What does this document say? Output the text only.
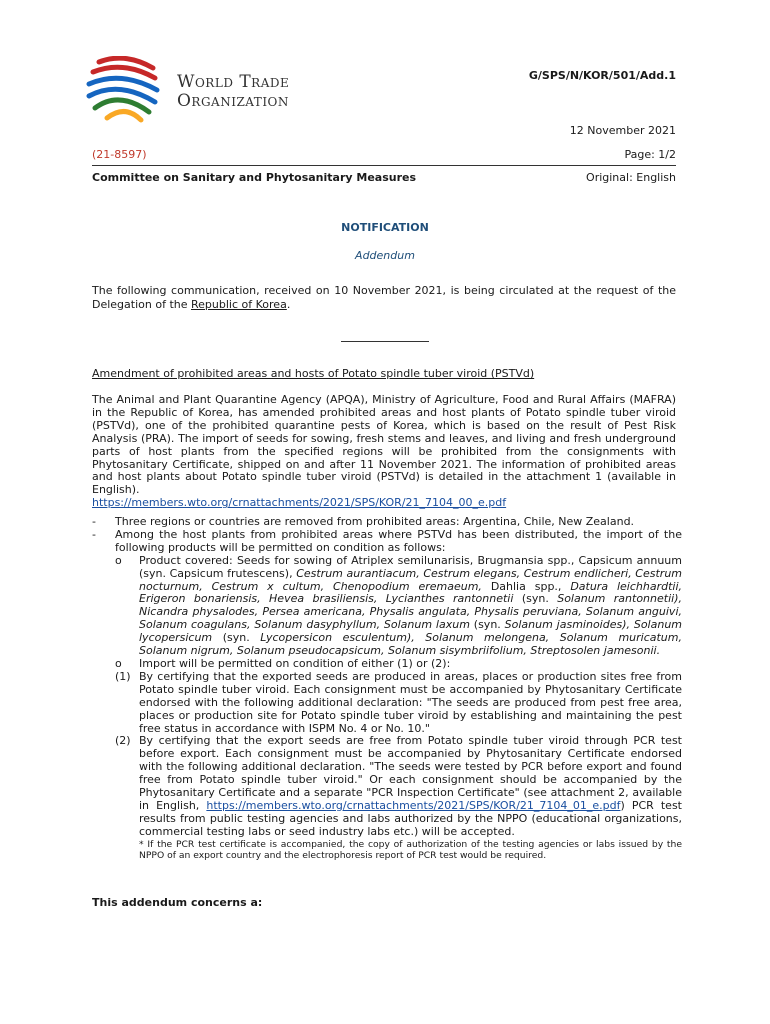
World Trade
Organization
G/SPS/N/KOR/501/Add.1
12 November 2021
(21-8597)	Page: 1/2
Committee on Sanitary and Phytosanitary Measures	Original: English
NOTIFICATION
Addendum
The following communication, received on 10 November 2021, is being circulated at the request of the Delegation of the Republic of Korea.
Amendment of prohibited areas and hosts of Potato spindle tuber viroid (PSTVd)
The Animal and Plant Quarantine Agency (APQA), Ministry of Agriculture, Food and Rural Affairs (MAFRA) in the Republic of Korea, has amended prohibited areas and host plants of Potato spindle tuber viroid (PSTVd), one of the prohibited quarantine pests of Korea, which is based on the result of Pest Risk Analysis (PRA). The import of seeds for sowing, fresh stems and leaves, and living and fresh underground parts of host plants from the specified regions will be prohibited from the consignments with Phytosanitary Certificate, shipped on and after 11 November 2021. The information of prohibited areas and host plants about Potato spindle tuber viroid (PSTVd) is detailed in the attachment 1 (available in English).
https://members.wto.org/crnattachments/2021/SPS/KOR/21_7104_00_e.pdf
- Three regions or countries are removed from prohibited areas: Argentina, Chile, New Zealand.
- Among the host plants from prohibited areas where PSTVd has been distributed, the import of the following products will be permitted on condition as follows:
o Product covered: Seeds for sowing of Atriplex semilunarisis, Brugmansia spp., Capsicum annuum (syn. Capsicum frutescens), Cestrum aurantiacum, Cestrum elegans, Cestrum endlicheri, Cestrum nocturnum, Cestrum x cultum, Chenopodium eremaeum, Dahlia spp., Datura leichhardtii, Erigeron bonariensis, Hevea brasiliensis, Lycianthes rantonnetii (syn. Solanum rantonnetii), Nicandra physalodes, Persea americana, Physalis angulata, Physalis peruviana, Solanum anguivi, Solanum coagulans, Solanum dasyphyllum, Solanum laxum (syn. Solanum jasminoides), Solanum lycopersicum (syn. Lycopersicon esculentum), Solanum melongena, Solanum muricatum, Solanum nigrum, Solanum pseudocapsicum, Solanum sisymbriifolium, Streptosolen jamesonii.
o Import will be permitted on condition of either (1) or (2):
(1) By certifying that the exported seeds are produced in areas, places or production sites free from Potato spindle tuber viroid. Each consignment must be accompanied by Phytosanitary Certificate endorsed with the following additional declaration: "The seeds are produced from pest free area, places or production site for Potato spindle tuber viroid by establishing and maintaining the pest free status in accordance with ISPM No. 4 or No. 10."
(2) By certifying that the export seeds are free from Potato spindle tuber viroid through PCR test before export. Each consignment must be accompanied by Phytosanitary Certificate endorsed with the following additional declaration. "The seeds were tested by PCR before export and found free from Potato spindle tuber viroid." Or each consignment should be accompanied by the Phytosanitary Certificate and a separate "PCR Inspection Certificate" (see attachment 2, available in English, https://members.wto.org/crnattachments/2021/SPS/KOR/21_7104_01_e.pdf) PCR test results from public testing agencies and labs authorized by the NPPO (educational organizations, commercial testing labs or seed industry labs etc.) will be accepted.
* If the PCR test certificate is accompanied, the copy of authorization of the testing agencies or labs issued by the NPPO of an export country and the electrophoresis report of PCR test would be required.
This addendum concerns a:
